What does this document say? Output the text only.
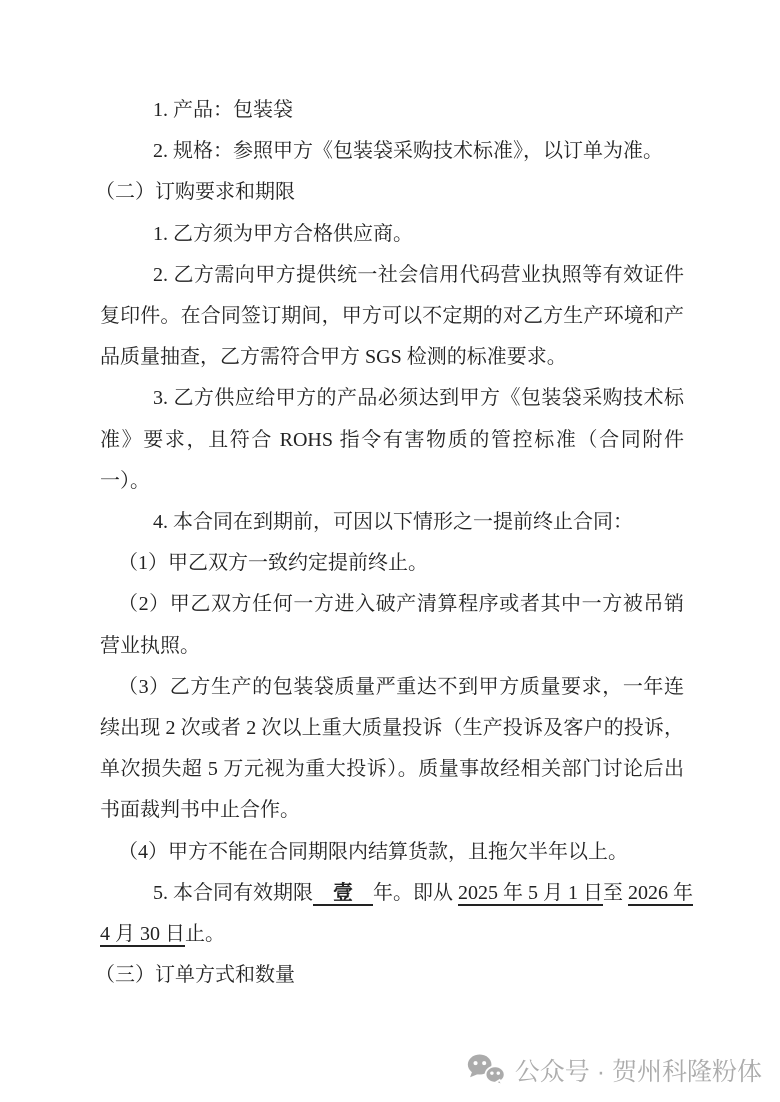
1. 产品：包装袋

2. 规格：参照甲方《包装袋采购技术标准》，以订单为准。

（二）订购要求和期限

1. 乙方须为甲方合格供应商。

2. 乙方需向甲方提供统一社会信用代码营业执照等有效证件复印件。在合同签订期间，甲方可以不定期的对乙方生产环境和产品质量抽查，乙方需符合甲方 SGS 检测的标准要求。

3. 乙方供应给甲方的产品必须达到甲方《包装袋采购技术标准》要求，且符合 ROHS 指令有害物质的管控标准（合同附件一）。

4. 本合同在到期前，可因以下情形之一提前终止合同：

（1）甲乙双方一致约定提前终止。

（2）甲乙双方任何一方进入破产清算程序或者其中一方被吊销营业执照。

（3）乙方生产的包装袋质量严重达不到甲方质量要求，一年连续出现 2 次或者 2 次以上重大质量投诉（生产投诉及客户的投诉，单次损失超 5 万元视为重大投诉）。质量事故经相关部门讨论后出书面裁判书中止合作。

（4）甲方不能在合同期限内结算货款，且拖欠半年以上。

5. 本合同有效期限 壹 年。即从 2025 年 5 月 1 日至 2026 年
4 月 30 日止。

（三）订单方式和数量

公众号 · 贺州科隆粉体
